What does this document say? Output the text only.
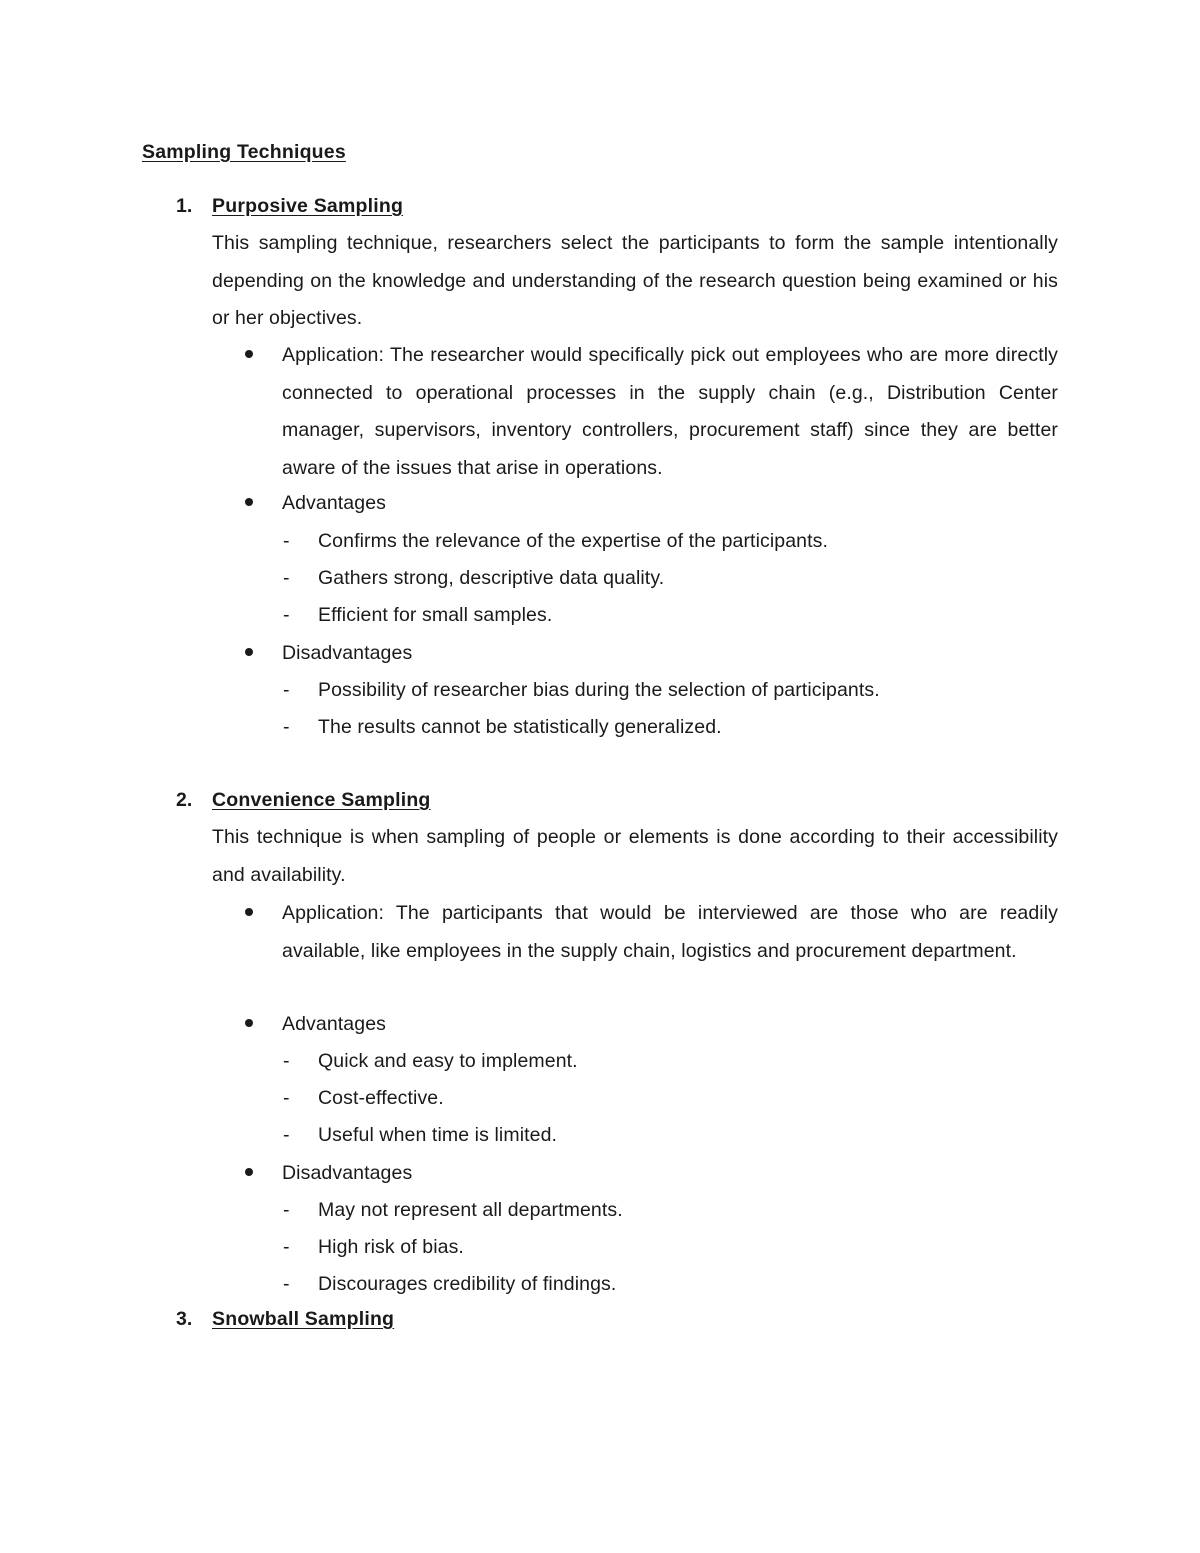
Sampling Techniques
1. Purposive Sampling
This sampling technique, researchers select the participants to form the sample intentionally depending on the knowledge and understanding of the research question being examined or his or her objectives.
Application: The researcher would specifically pick out employees who are more directly connected to operational processes in the supply chain (e.g., Distribution Center manager, supervisors, inventory controllers, procurement staff) since they are better aware of the issues that arise in operations.
Advantages
- Confirms the relevance of the expertise of the participants.
- Gathers strong, descriptive data quality.
- Efficient for small samples.
Disadvantages
- Possibility of researcher bias during the selection of participants.
- The results cannot be statistically generalized.
2. Convenience Sampling
This technique is when sampling of people or elements is done according to their accessibility and availability.
Application: The participants that would be interviewed are those who are readily available, like employees in the supply chain, logistics and procurement department.
Advantages
- Quick and easy to implement.
- Cost-effective.
- Useful when time is limited.
Disadvantages
- May not represent all departments.
- High risk of bias.
- Discourages credibility of findings.
3. Snowball Sampling
